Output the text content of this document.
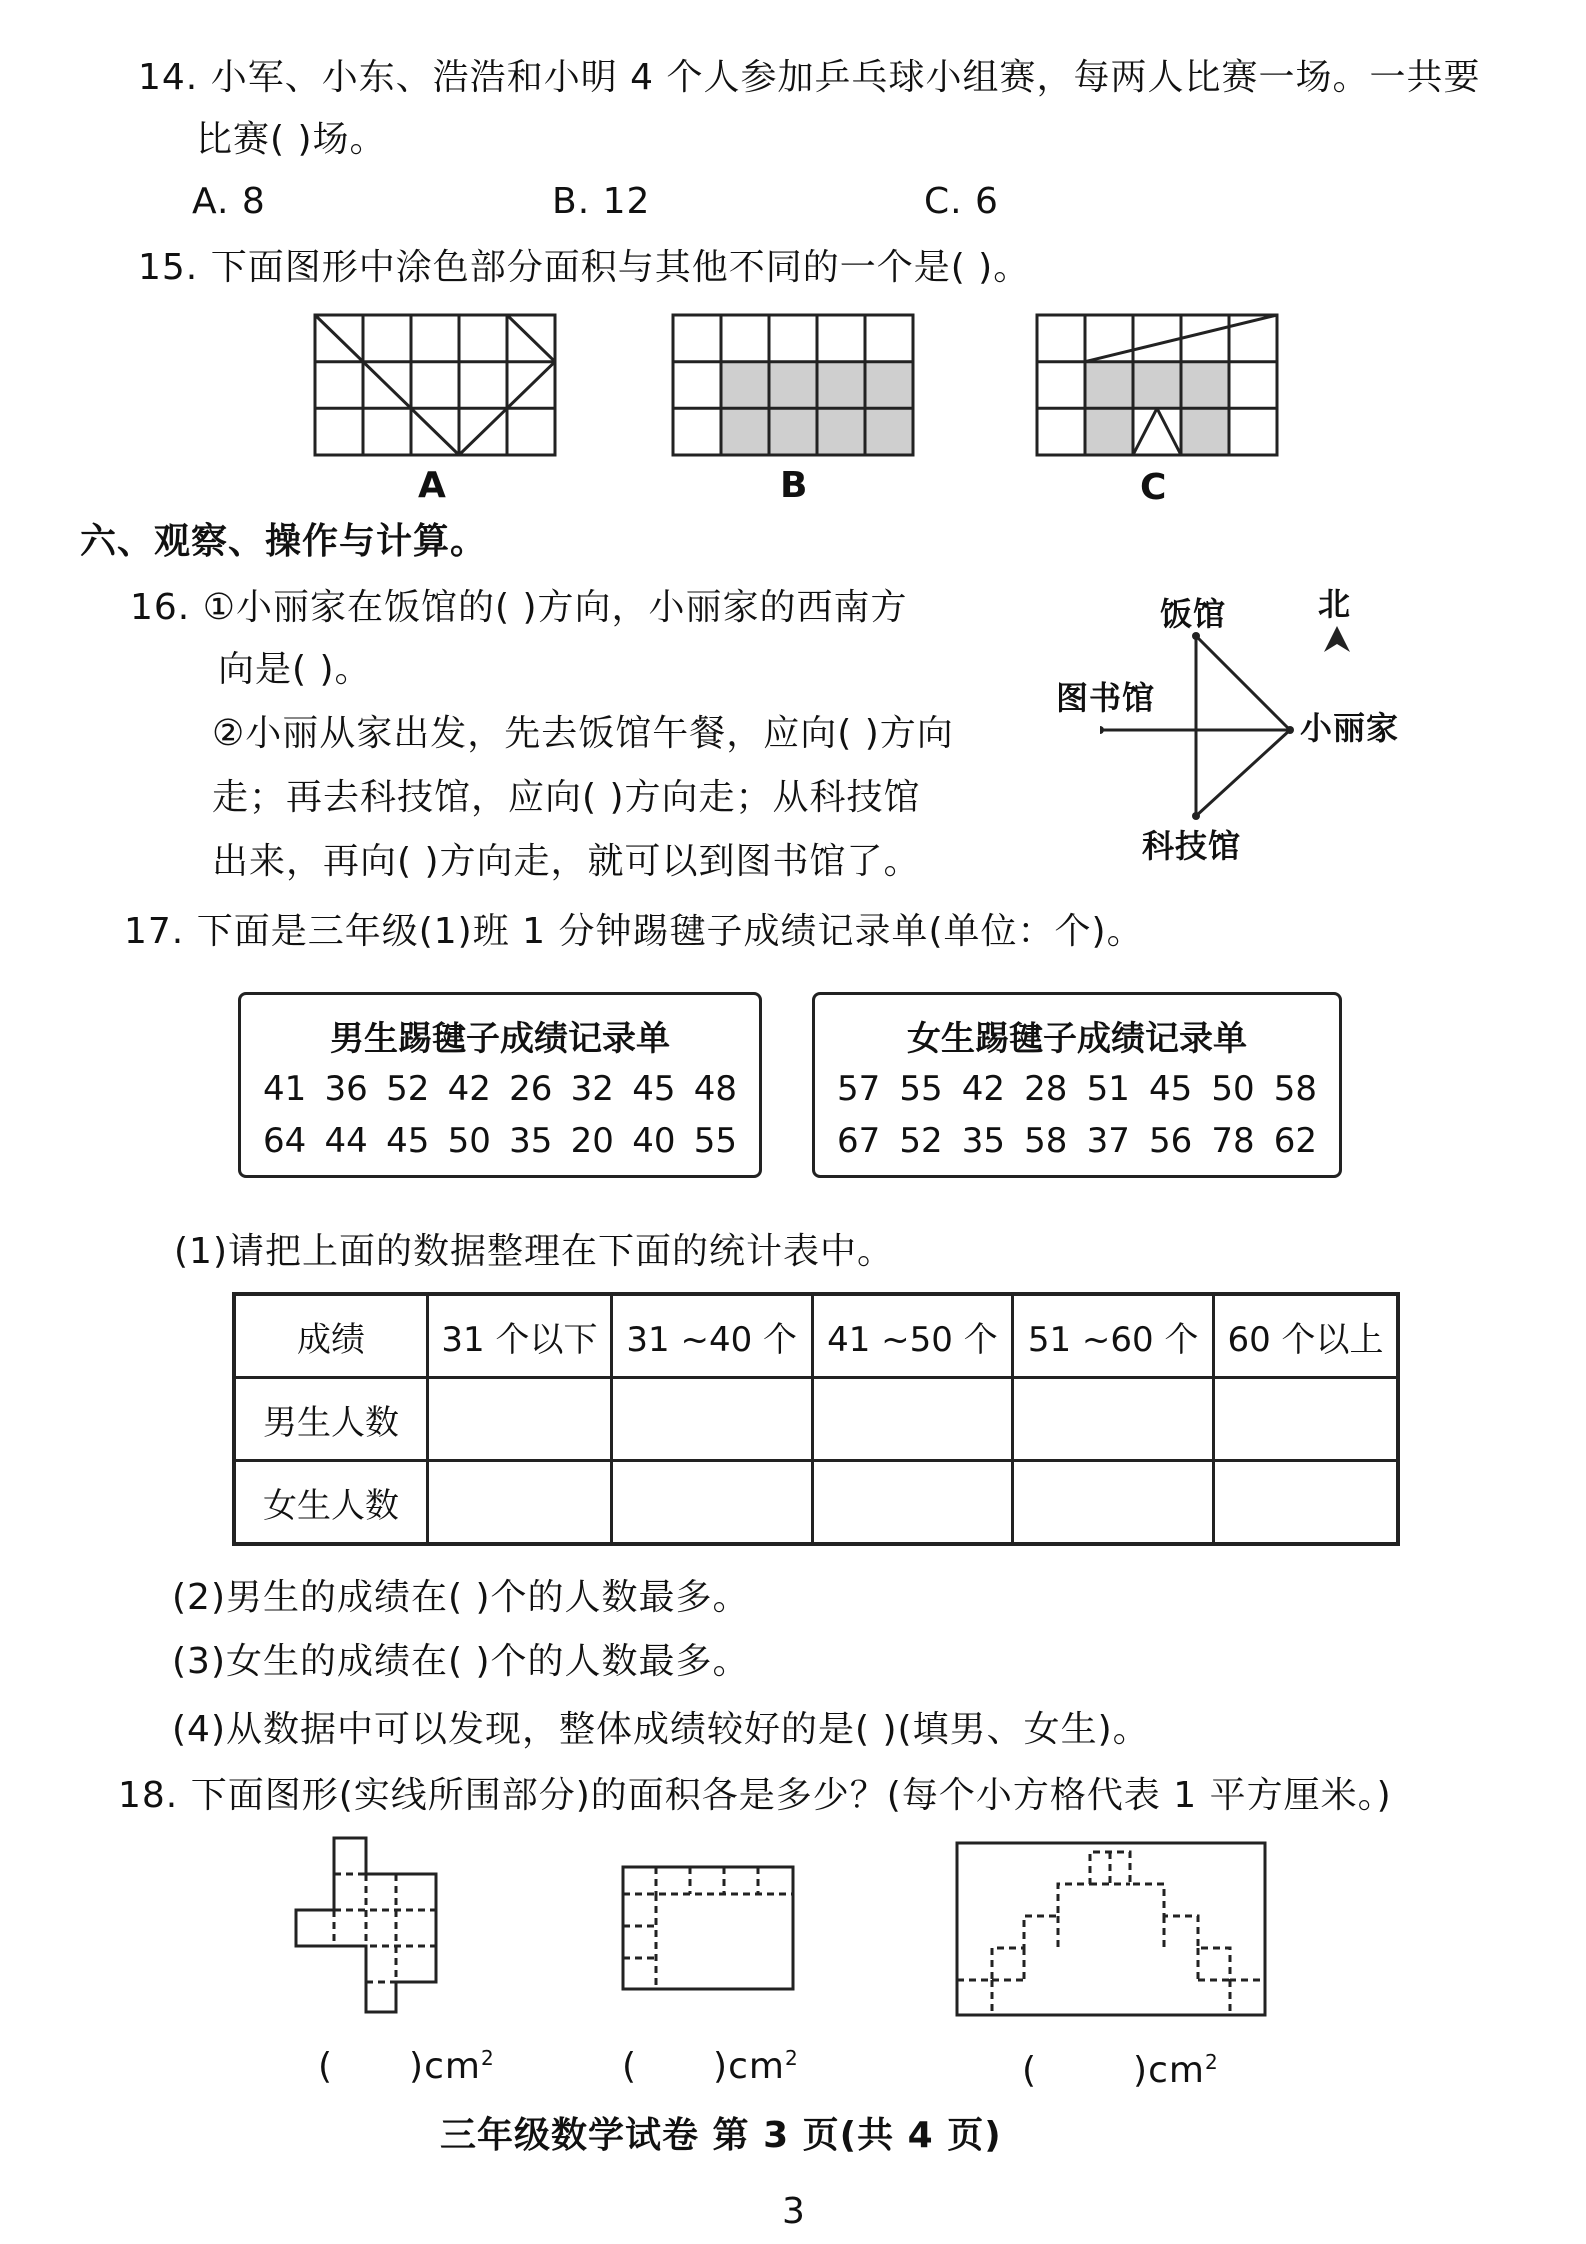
14. 小军、小东、浩浩和小明 4 个人参加乒乓球小组赛，每两人比赛一场。一共要
比赛( )场。
A. 8	B. 12	C. 6
15. 下面图形中涂色部分面积与其他不同的一个是( )。
A	B	C
六、观察、操作与计算。
16. ①小丽家在饭馆的( )方向，小丽家的西南方
向是( )。
②小丽从家出发，先去饭馆午餐，应向( )方向
走；再去科技馆，应向( )方向走；从科技馆
出来，再向( )方向走，就可以到图书馆了。
北
饭馆
图书馆
小丽家
科技馆
17. 下面是三年级(1)班 1 分钟踢毽子成绩记录单(单位：个)。
男生踢毽子成绩记录单
41 36 52 42 26 32 45 48
64 44 45 50 35 20 40 55
女生踢毽子成绩记录单
57 55 42 28 51 45 50 58
67 52 35 58 37 56 78 62
(1)请把上面的数据整理在下面的统计表中。
成绩	31 个以下	31 ~40 个	41 ~50 个	51 ~60 个	60 个以上
男生人数					
女生人数					
(2)男生的成绩在( )个的人数最多。
(3)女生的成绩在( )个的人数最多。
(4)从数据中可以发现，整体成绩较好的是( )(填男、女生)。
18. 下面图形(实线所围部分)的面积各是多少？(每个小方格代表 1 平方厘米。)
( )$cm^2$	( )$cm^2$	(	)$cm^2$
三年级数学试卷 第 3 页(共 4 页)
3
